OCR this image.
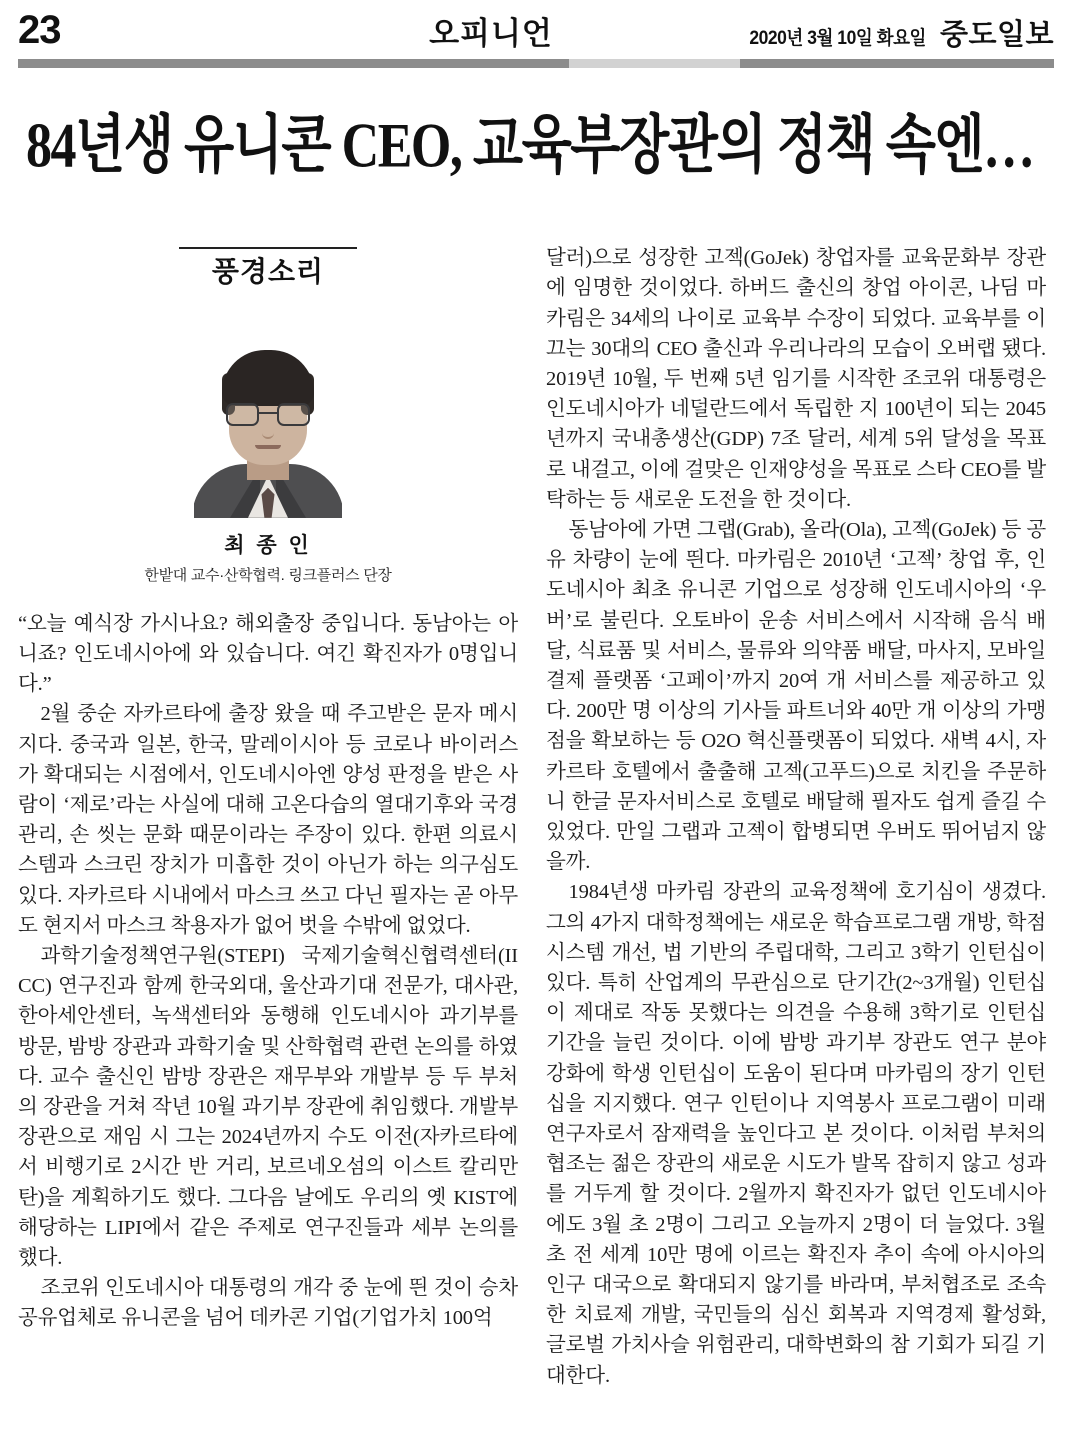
23	오피니언	2020년 3월 10일 화요일 중도일보
84년생 유니콘 CEO, 교육부장관의 정책 속엔…
풍경소리
최 종 인
한밭대 교수·산학협력. 링크플러스 단장

“오늘 예식장 가시나요? 해외출장 중입니다. 동남아는 아니죠? 인도네시아에 와 있습니다. 여긴 확진자가 0명입니다.”

2월 중순 자카르타에 출장 왔을 때 주고받은 문자 메시지다. 중국과 일본, 한국, 말레이시아 등 코로나 바이러스가 확대되는 시점에서, 인도네시아엔 양성 판정을 받은 사람이 ‘제로’라는 사실에 대해 고온다습의 열대기후와 국경관리, 손 씻는 문화 때문이라는 주장이 있다. 한편 의료시스템과 스크린 장치가 미흡한 것이 아닌가 하는 의구심도 있다. 자카르타 시내에서 마스크 쓰고 다닌 필자는 곧 아무도 현지서 마스크 착용자가 없어 벗을 수밖에 없었다.

과학기술정책연구원(STEPI) 국제기술혁신협력센터(IICC) 연구진과 함께 한국외대, 울산과기대 전문가, 대사관, 한아세안센터, 녹색센터와 동행해 인도네시아 과기부를 방문, 밤방 장관과 과학기술 및 산학협력 관련 논의를 하였다. 교수 출신인 밤방 장관은 재무부와 개발부 등 두 부처의 장관을 거쳐 작년 10월 과기부 장관에 취임했다. 개발부 장관으로 재임 시 그는 2024년까지 수도 이전(자카르타에서 비행기로 2시간 반 거리, 보르네오섬의 이스트 칼리만탄)을 계획하기도 했다. 그다음 날에도 우리의 옛 KIST에 해당하는 LIPI에서 같은 주제로 연구진들과 세부 논의를 했다.

조코위 인도네시아 대통령의 개각 중 눈에 띈 것이 승차 공유업체로 유니콘을 넘어 데카콘 기업(기업가치 100억

달러)으로 성장한 고젝(GoJek) 창업자를 교육문화부 장관에 임명한 것이었다. 하버드 출신의 창업 아이콘, 나딤 마카림은 34세의 나이로 교육부 수장이 되었다. 교육부를 이끄는 30대의 CEO 출신과 우리나라의 모습이 오버랩 됐다. 2019년 10월, 두 번째 5년 임기를 시작한 조코위 대통령은 인도네시아가 네덜란드에서 독립한 지 100년이 되는 2045년까지 국내총생산(GDP) 7조 달러, 세계 5위 달성을 목표로 내걸고, 이에 걸맞은 인재양성을 목표로 스타 CEO를 발탁하는 등 새로운 도전을 한 것이다.

동남아에 가면 그랩(Grab), 올라(Ola), 고젝(GoJek) 등 공유 차량이 눈에 띈다. 마카림은 2010년 ‘고젝’ 창업 후, 인도네시아 최초 유니콘 기업으로 성장해 인도네시아의 ‘우버’로 불린다. 오토바이 운송 서비스에서 시작해 음식 배달, 식료품 및 서비스, 물류와 의약품 배달, 마사지, 모바일 결제 플랫폼 ‘고페이’까지 20여 개 서비스를 제공하고 있다. 200만 명 이상의 기사들 파트너와 40만 개 이상의 가맹점을 확보하는 등 O2O 혁신플랫폼이 되었다. 새벽 4시, 자카르타 호텔에서 출출해 고젝(고푸드)으로 치킨을 주문하니 한글 문자서비스로 호텔로 배달해 필자도 쉽게 즐길 수 있었다. 만일 그랩과 고젝이 합병되면 우버도 뛰어넘지 않을까.

1984년생 마카림 장관의 교육정책에 호기심이 생겼다. 그의 4가지 대학정책에는 새로운 학습프로그램 개방, 학점 시스템 개선, 법 기반의 주립대학, 그리고 3학기 인턴십이 있다. 특히 산업계의 무관심으로 단기간(2~3개월) 인턴십이 제대로 작동 못했다는 의견을 수용해 3학기로 인턴십 기간을 늘린 것이다. 이에 밤방 과기부 장관도 연구 분야 강화에 학생 인턴십이 도움이 된다며 마카림의 장기 인턴십을 지지했다. 연구 인턴이나 지역봉사 프로그램이 미래 연구자로서 잠재력을 높인다고 본 것이다. 이처럼 부처의 협조는 젊은 장관의 새로운 시도가 발목 잡히지 않고 성과를 거두게 할 것이다. 2월까지 확진자가 없던 인도네시아에도 3월 초 2명이 그리고 오늘까지 2명이 더 늘었다. 3월 초 전 세계 10만 명에 이르는 확진자 추이 속에 아시아의 인구 대국으로 확대되지 않기를 바라며, 부처협조로 조속한 치료제 개발, 국민들의 심신 회복과 지역경제 활성화, 글로벌 가치사슬 위험관리, 대학변화의 참 기회가 되길 기대한다.
